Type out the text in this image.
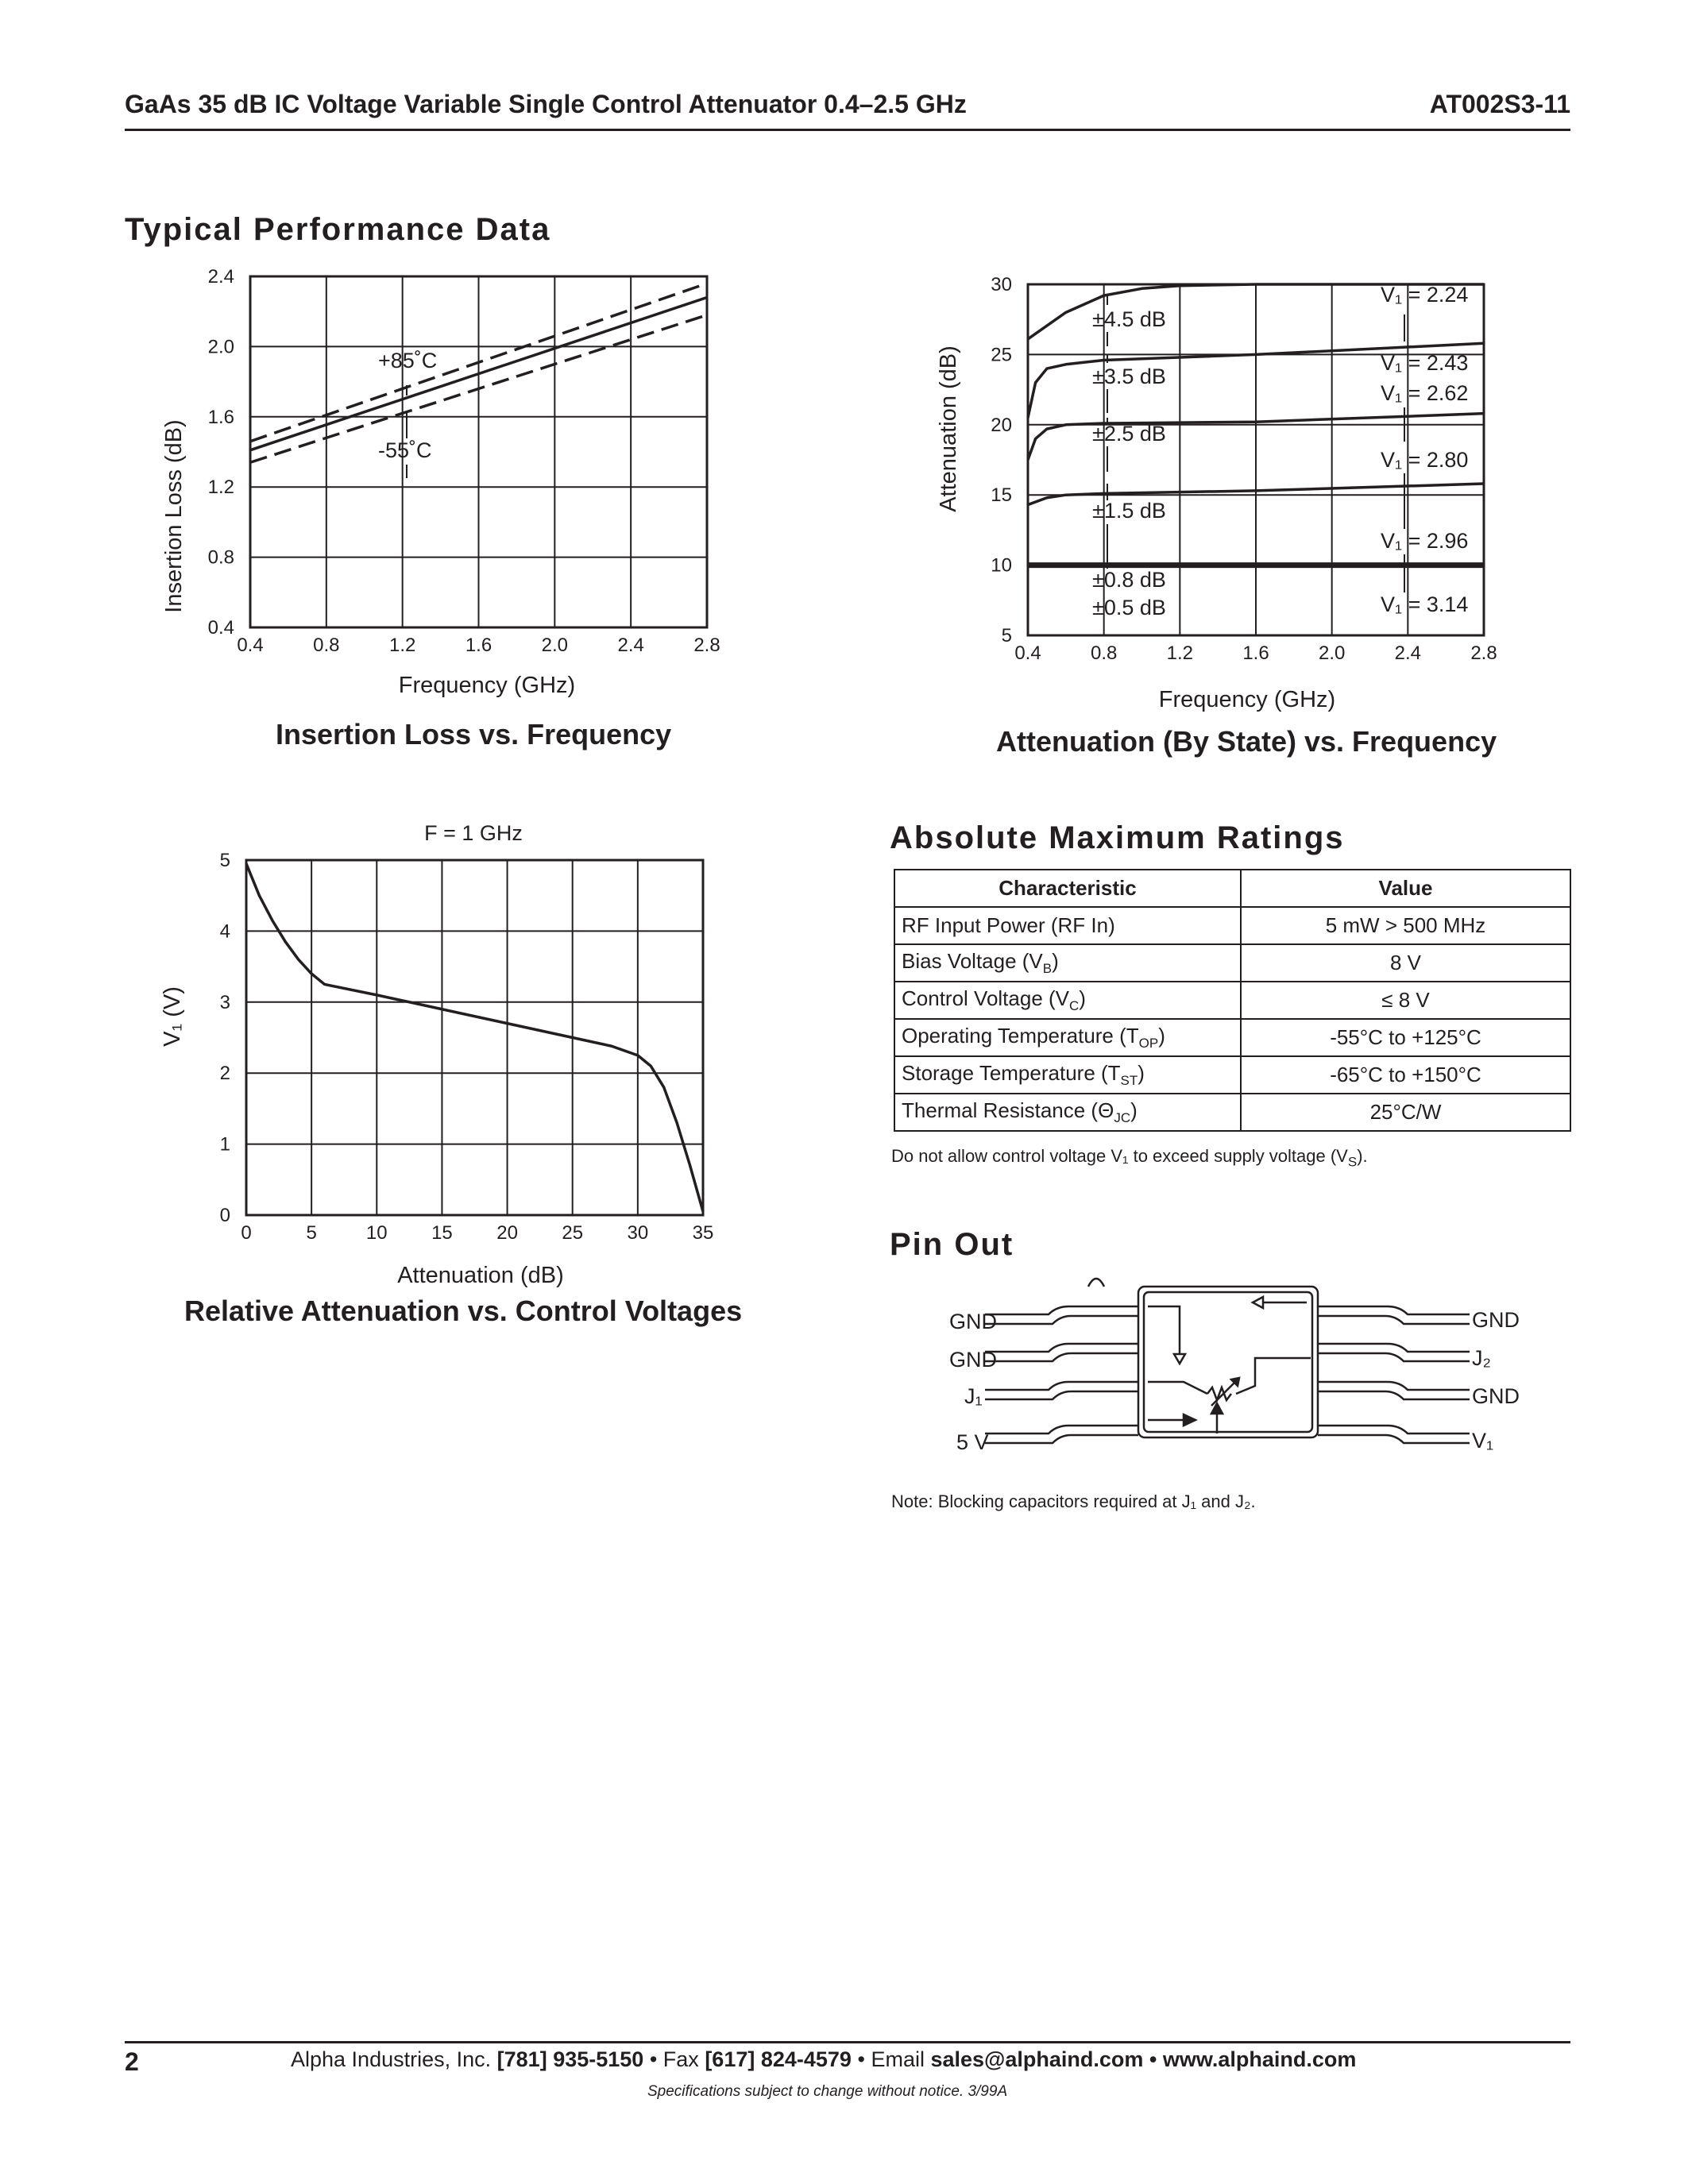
GaAs 35 dB IC Voltage Variable Single Control Attenuator 0.4–2.5 GHz	AT002S3-11
Typical Performance Data
0.4	0.8	1.2	1.6	2.0	2.4	2.8
0.4
0.8
1.2
1.6
2.0
2.4
+85˚C
-55˚C
Frequency (GHz)
Insertion Loss (dB)
Insertion Loss vs. Frequency
0.4	0.8	1.2	1.6	2.0	2.4	2.8
5
10
15
20
25
30
±4.5 dB
±3.5 dB
±2.5 dB
±1.5 dB
±0.8 dB
±0.5 dB
V₁ = 2.24
V₁ = 2.43
V₁ = 2.62
V₁ = 2.80
V₁ = 2.96
V₁ = 3.14
Frequency (GHz)
Attenuation (dB)
Attenuation (By State) vs. Frequency
F = 1 GHz
0	5	10 15 20 25 30 35
0
1
2
3
4
5
Attenuation (dB)
V₁ (V)
Relative Attenuation vs. Control Voltages
Absolute Maximum Ratings
Characteristic	Value
RF Input Power (RF In)	5 mW > 500 MHz
Bias Voltage $(V_B)$	8 V
Control Voltage $(V_C)$	≤ 8 V
Operating Temperature $(T_{OP})$	-55°C to +125°C
Storage Temperature $(T_{ST})$	-65°C to +150°C
Thermal Resistance $(\Theta_{JC})$	25°C/W
Do not allow control voltage V₁ to exceed supply voltage $(V_S)$.
Pin Out
GND
GND
J₁
5 V
GND
J₂
GND
V₁
Note: Blocking capacitors required at J₁ and J₂.
2	Alpha Industries, Inc. [781] 935-5150 • Fax [617] 824-4579 • Email sales@alphaind.com • www.alphaind.com
Specifications subject to change without notice. 3/99A
